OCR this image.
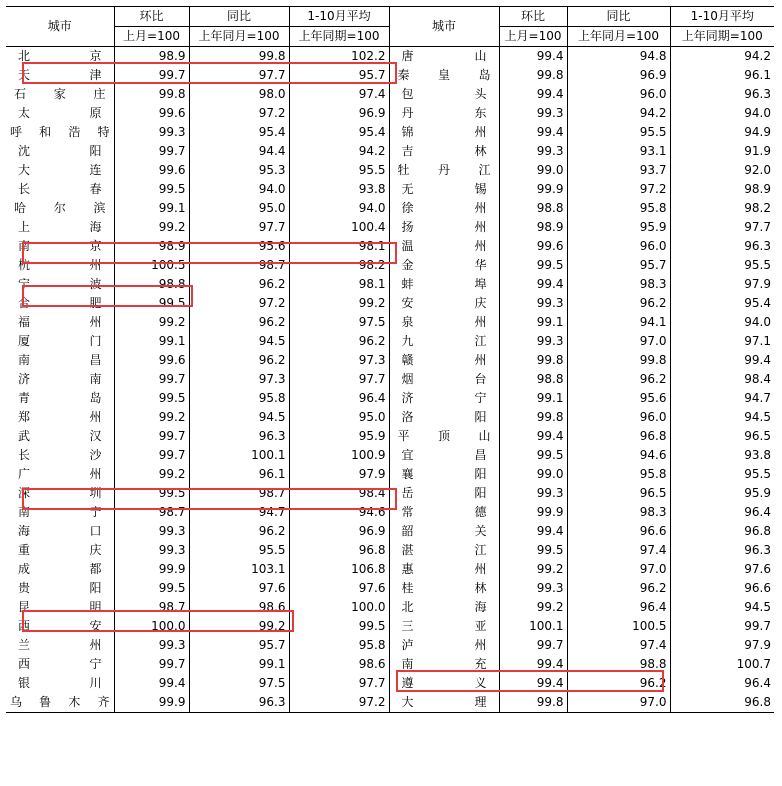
城市	环比	同比	1-10月平均	城市	环比	同比	1-10月平均
	上月=100	上年同月=100	上年同期=100		上月=100	上年同月=100	上年同期=100
北京	98.9	99.8	102.2	唐山	99.4	94.8	94.2
天津	99.7	97.7	95.7	秦皇岛	99.8	96.9	96.1
石家庄	99.8	98.0	97.4	包头	99.4	96.0	96.3
太原	99.6	97.2	96.9	丹东	99.3	94.2	94.0
呼和浩特	99.3	95.4	95.4	锦州	99.4	95.5	94.9
沈阳	99.7	94.4	94.2	吉林	99.3	93.1	91.9
大连	99.6	95.3	95.5	牡丹江	99.0	93.7	92.0
长春	99.5	94.0	93.8	无锡	99.9	97.2	98.9
哈尔滨	99.1	95.0	94.0	徐州	98.8	95.8	98.2
上海	99.2	97.7	100.4	扬州	98.9	95.9	97.7
南京	98.9	95.6	98.1	温州	99.6	96.0	96.3
杭州	100.5	98.7	98.2	金华	99.5	95.7	95.5
宁波	98.8	96.2	98.1	蚌埠	99.4	98.3	97.9
合肥	99.5	97.2	99.2	安庆	99.3	96.2	95.4
福州	99.2	96.2	97.5	泉州	99.1	94.1	94.0
厦门	99.1	94.5	96.2	九江	99.3	97.0	97.1
南昌	99.6	96.2	97.3	赣州	99.8	99.8	99.4
济南	99.7	97.3	97.7	烟台	98.8	96.2	98.4
青岛	99.5	95.8	96.4	济宁	99.1	95.6	94.7
郑州	99.2	94.5	95.0	洛阳	99.8	96.0	94.5
武汉	99.7	96.3	95.9	平顶山	99.4	96.8	96.5
长沙	99.7	100.1	100.9	宜昌	99.5	94.6	93.8
广州	99.2	96.1	97.9	襄阳	99.0	95.8	95.5
深圳	99.5	98.7	98.4	岳阳	99.3	96.5	95.9
南宁	98.7	94.7	94.6	常德	99.9	98.3	96.4
海口	99.3	96.2	96.9	韶关	99.4	96.6	96.8
重庆	99.3	95.5	96.8	湛江	99.5	97.4	96.3
成都	99.9	103.1	106.8	惠州	99.2	97.0	97.6
贵阳	99.5	97.6	97.6	桂林	99.3	96.2	96.6
昆明	98.7	98.6	100.0	北海	99.2	96.4	94.5
西安	100.0	99.2	99.5	三亚	100.1	100.5	99.7
兰州	99.3	95.7	95.8	泸州	99.7	97.4	97.9
西宁	99.7	99.1	98.6	南充	99.4	98.8	100.7
银川	99.4	97.5	97.7	遵义	99.4	96.2	96.4
乌鲁木齐	99.9	96.3	97.2	大理	99.8	97.0	96.8
